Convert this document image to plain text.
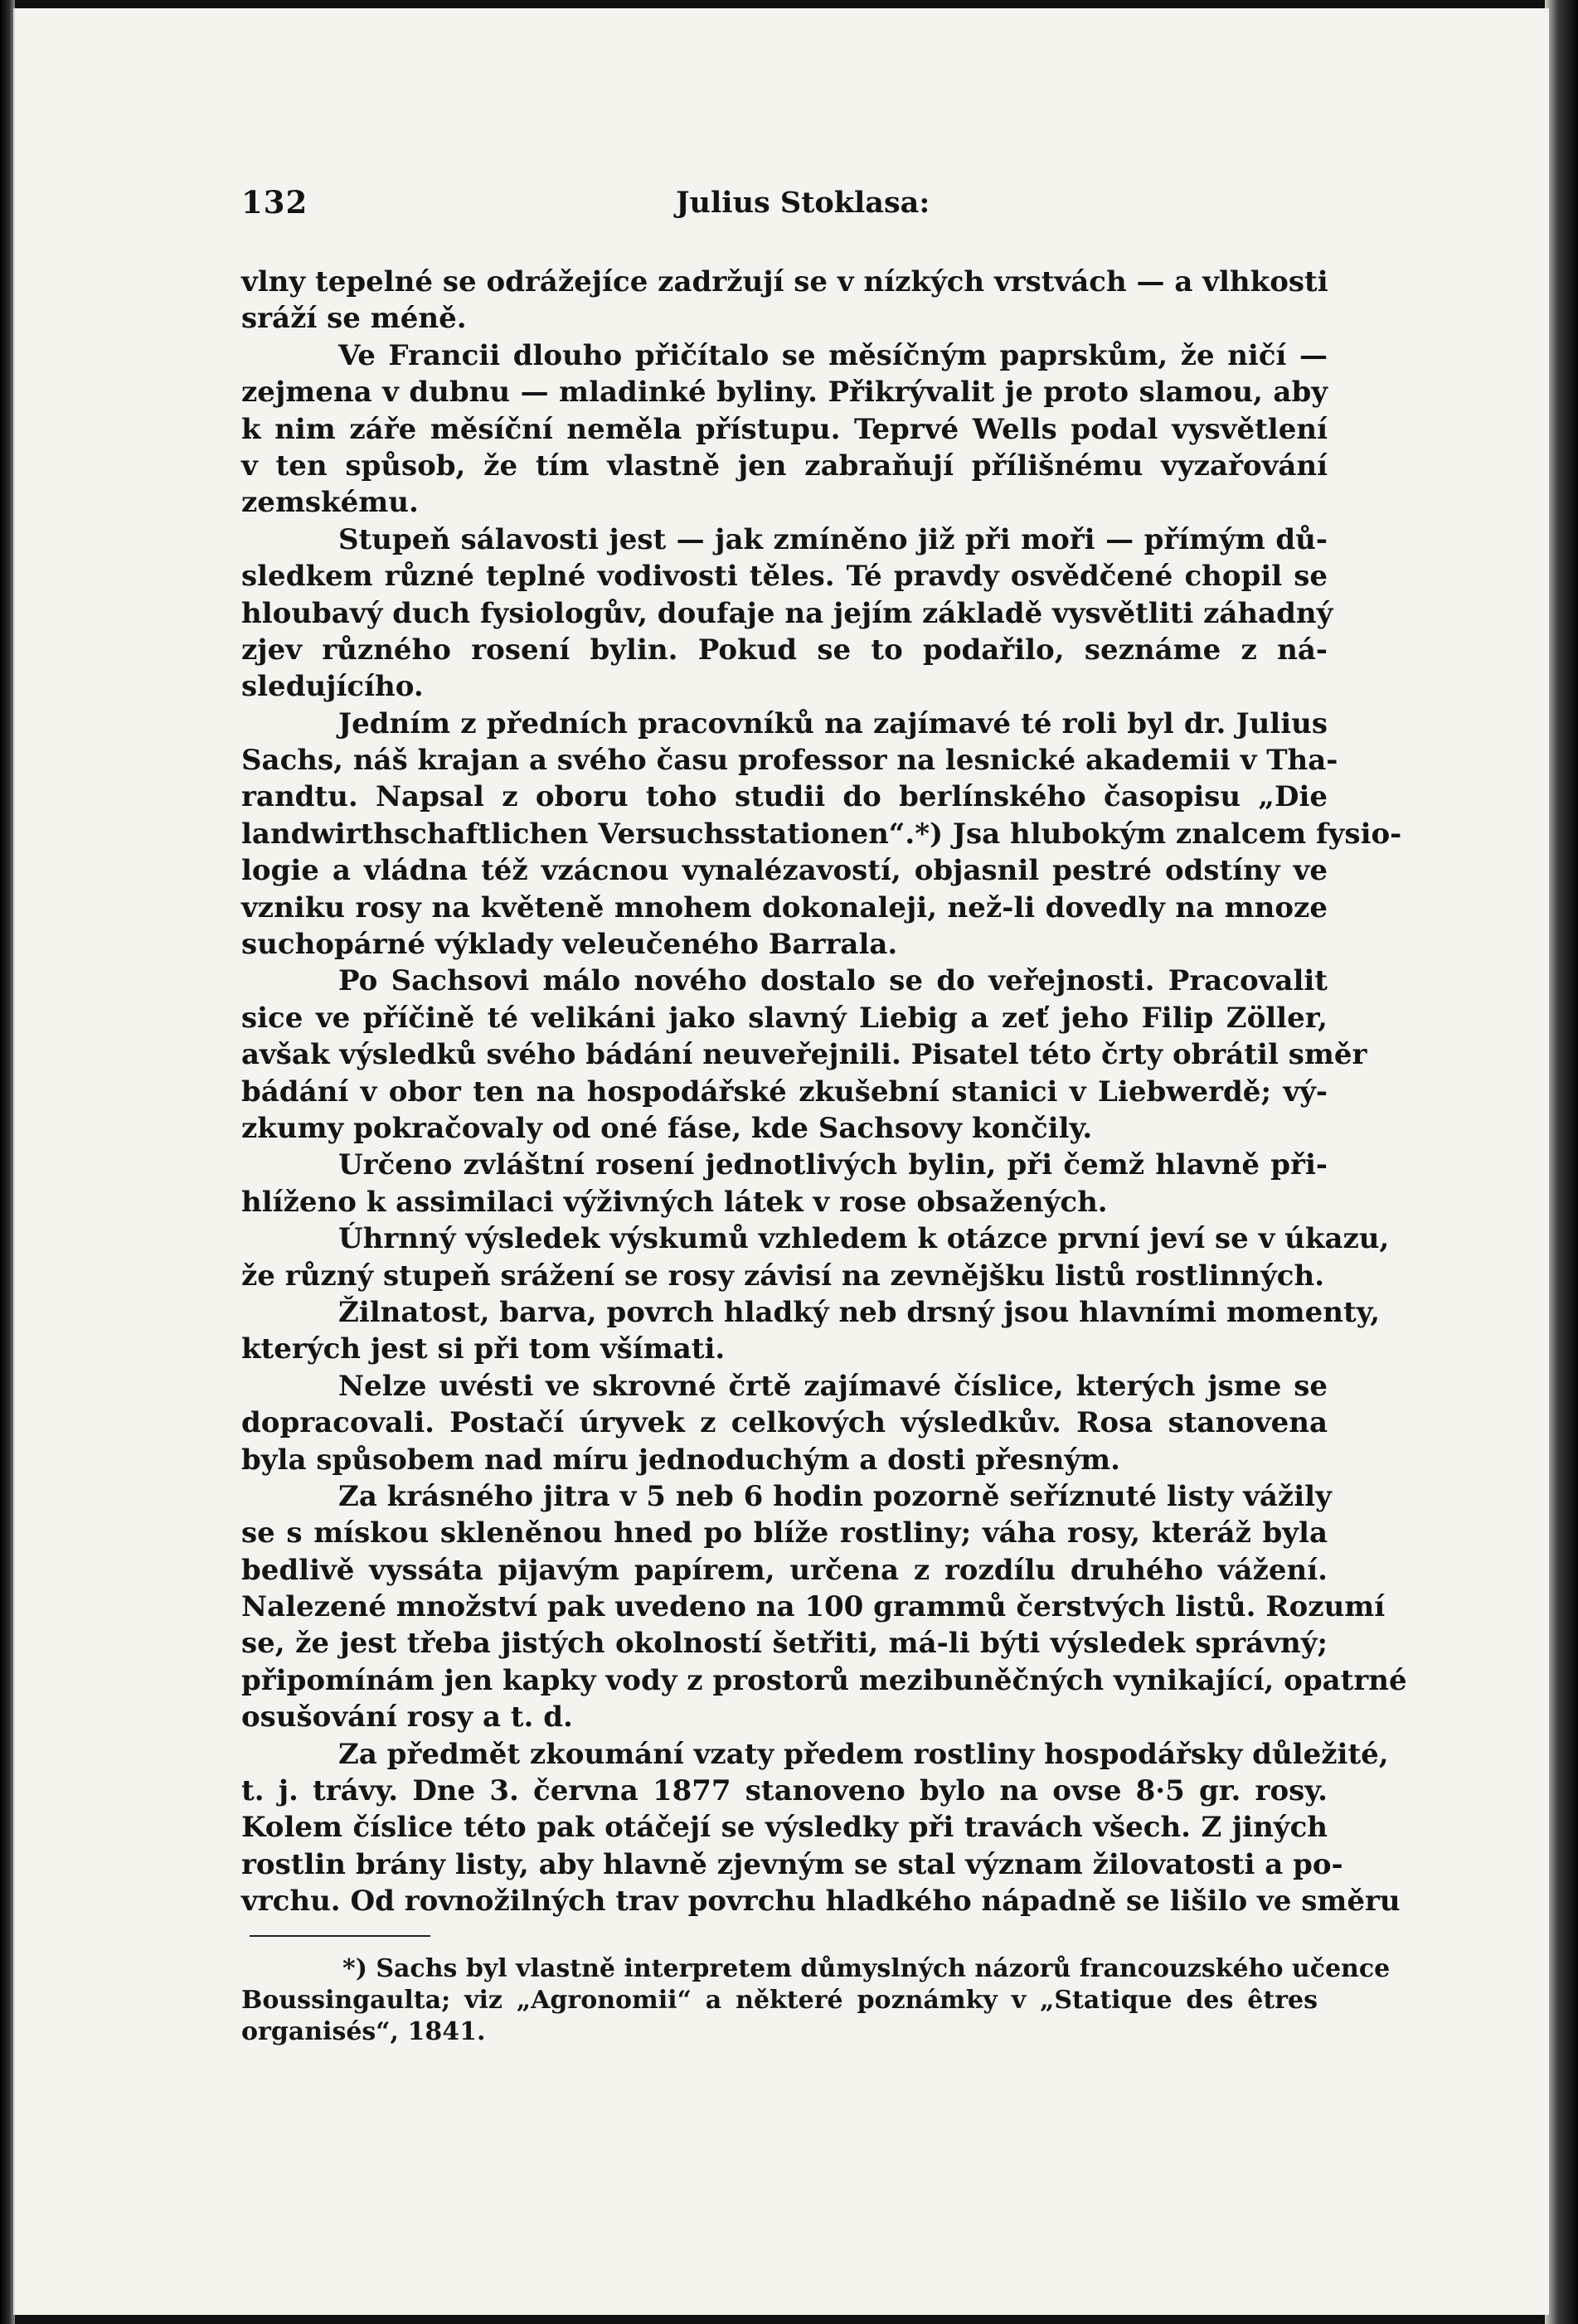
132	Julius Stoklasa:
vlny tepelné se odrážejíce zadržují se v nízkých vrstvách — a vlhkosti
sráží se méně.
Ve Francii dlouho přičítalo se měsíčným paprskům, že ničí —
zejmena v dubnu — mladinké byliny. Přikrývalit je proto slamou, aby
k nim záře měsíční neměla přístupu. Teprvé Wells podal vysvětlení
v ten spůsob, že tím vlastně jen zabraňují přílišnému vyzařování
zemskému.
Stupeň sálavosti jest — jak zmíněno již při moři — přímým dů-
sledkem různé teplné vodivosti těles. Té pravdy osvědčené chopil se
hloubavý duch fysiologův, doufaje na jejím základě vysvětliti záhadný
zjev různého rosení bylin. Pokud se to podařilo, seznáme z ná-
sledujícího.
Jedním z předních pracovníků na zajímavé té roli byl dr. Julius
Sachs, náš krajan a svého času professor na lesnické akademii v Tha-
randtu. Napsal z oboru toho studii do berlínského časopisu „Die
landwirthschaftlichen Versuchsstationen“.*) Jsa hlubokým znalcem fysio-
logie a vládna též vzácnou vynalézavostí, objasnil pestré odstíny ve
vzniku rosy na květeně mnohem dokonaleji, než-li dovedly na mnoze
suchopárné výklady veleučeného Barrala.
Po Sachsovi málo nového dostalo se do veřejnosti. Pracovalit
sice ve příčině té velikáni jako slavný Liebig a zeť jeho Filip Zöller,
avšak výsledků svého bádání neuveřejnili. Pisatel této črty obrátil směr
bádání v obor ten na hospodářské zkušební stanici v Liebwerdě; vý-
zkumy pokračovaly od oné fáse, kde Sachsovy končily.
Určeno zvláštní rosení jednotlivých bylin, při čemž hlavně při-
hlíženo k assimilaci výživných látek v rose obsažených.
Úhrnný výsledek výskumů vzhledem k otázce první jeví se v úkazu,
že různý stupeň srážení se rosy závisí na zevnějšku listů rostlinných.
Žilnatost, barva, povrch hladký neb drsný jsou hlavními momenty,
kterých jest si při tom všímati.
Nelze uvésti ve skrovné črtě zajímavé číslice, kterých jsme se
dopracovali. Postačí úryvek z celkových výsledkův. Rosa stanovena
byla spůsobem nad míru jednoduchým a dosti přesným.
Za krásného jitra v 5 neb 6 hodin pozorně seříznuté listy vážily
se s mískou skleněnou hned po blíže rostliny; váha rosy, kteráž byla
bedlivě vyssáta pijavým papírem, určena z rozdílu druhého vážení.
Nalezené množství pak uvedeno na 100 grammů čerstvých listů. Rozumí
se, že jest třeba jistých okolností šetřiti, má-li býti výsledek správný;
připomínám jen kapky vody z prostorů mezibuněčných vynikající, opatrné
osušování rosy a t. d.
Za předmět zkoumání vzaty předem rostliny hospodářsky důležité,
t. j. trávy. Dne 3. června 1877 stanoveno bylo na ovse 8·5 gr. rosy.
Kolem číslice této pak otáčejí se výsledky při travách všech. Z jiných
rostlin brány listy, aby hlavně zjevným se stal význam žilovatosti a po-
vrchu. Od rovnožilných trav povrchu hladkého nápadně se lišilo ve směru
*) Sachs byl vlastně interpretem důmyslných názorů francouzského učence
Boussingaulta; viz „Agronomii“ a některé poznámky v „Statique des êtres
organisés“, 1841.
